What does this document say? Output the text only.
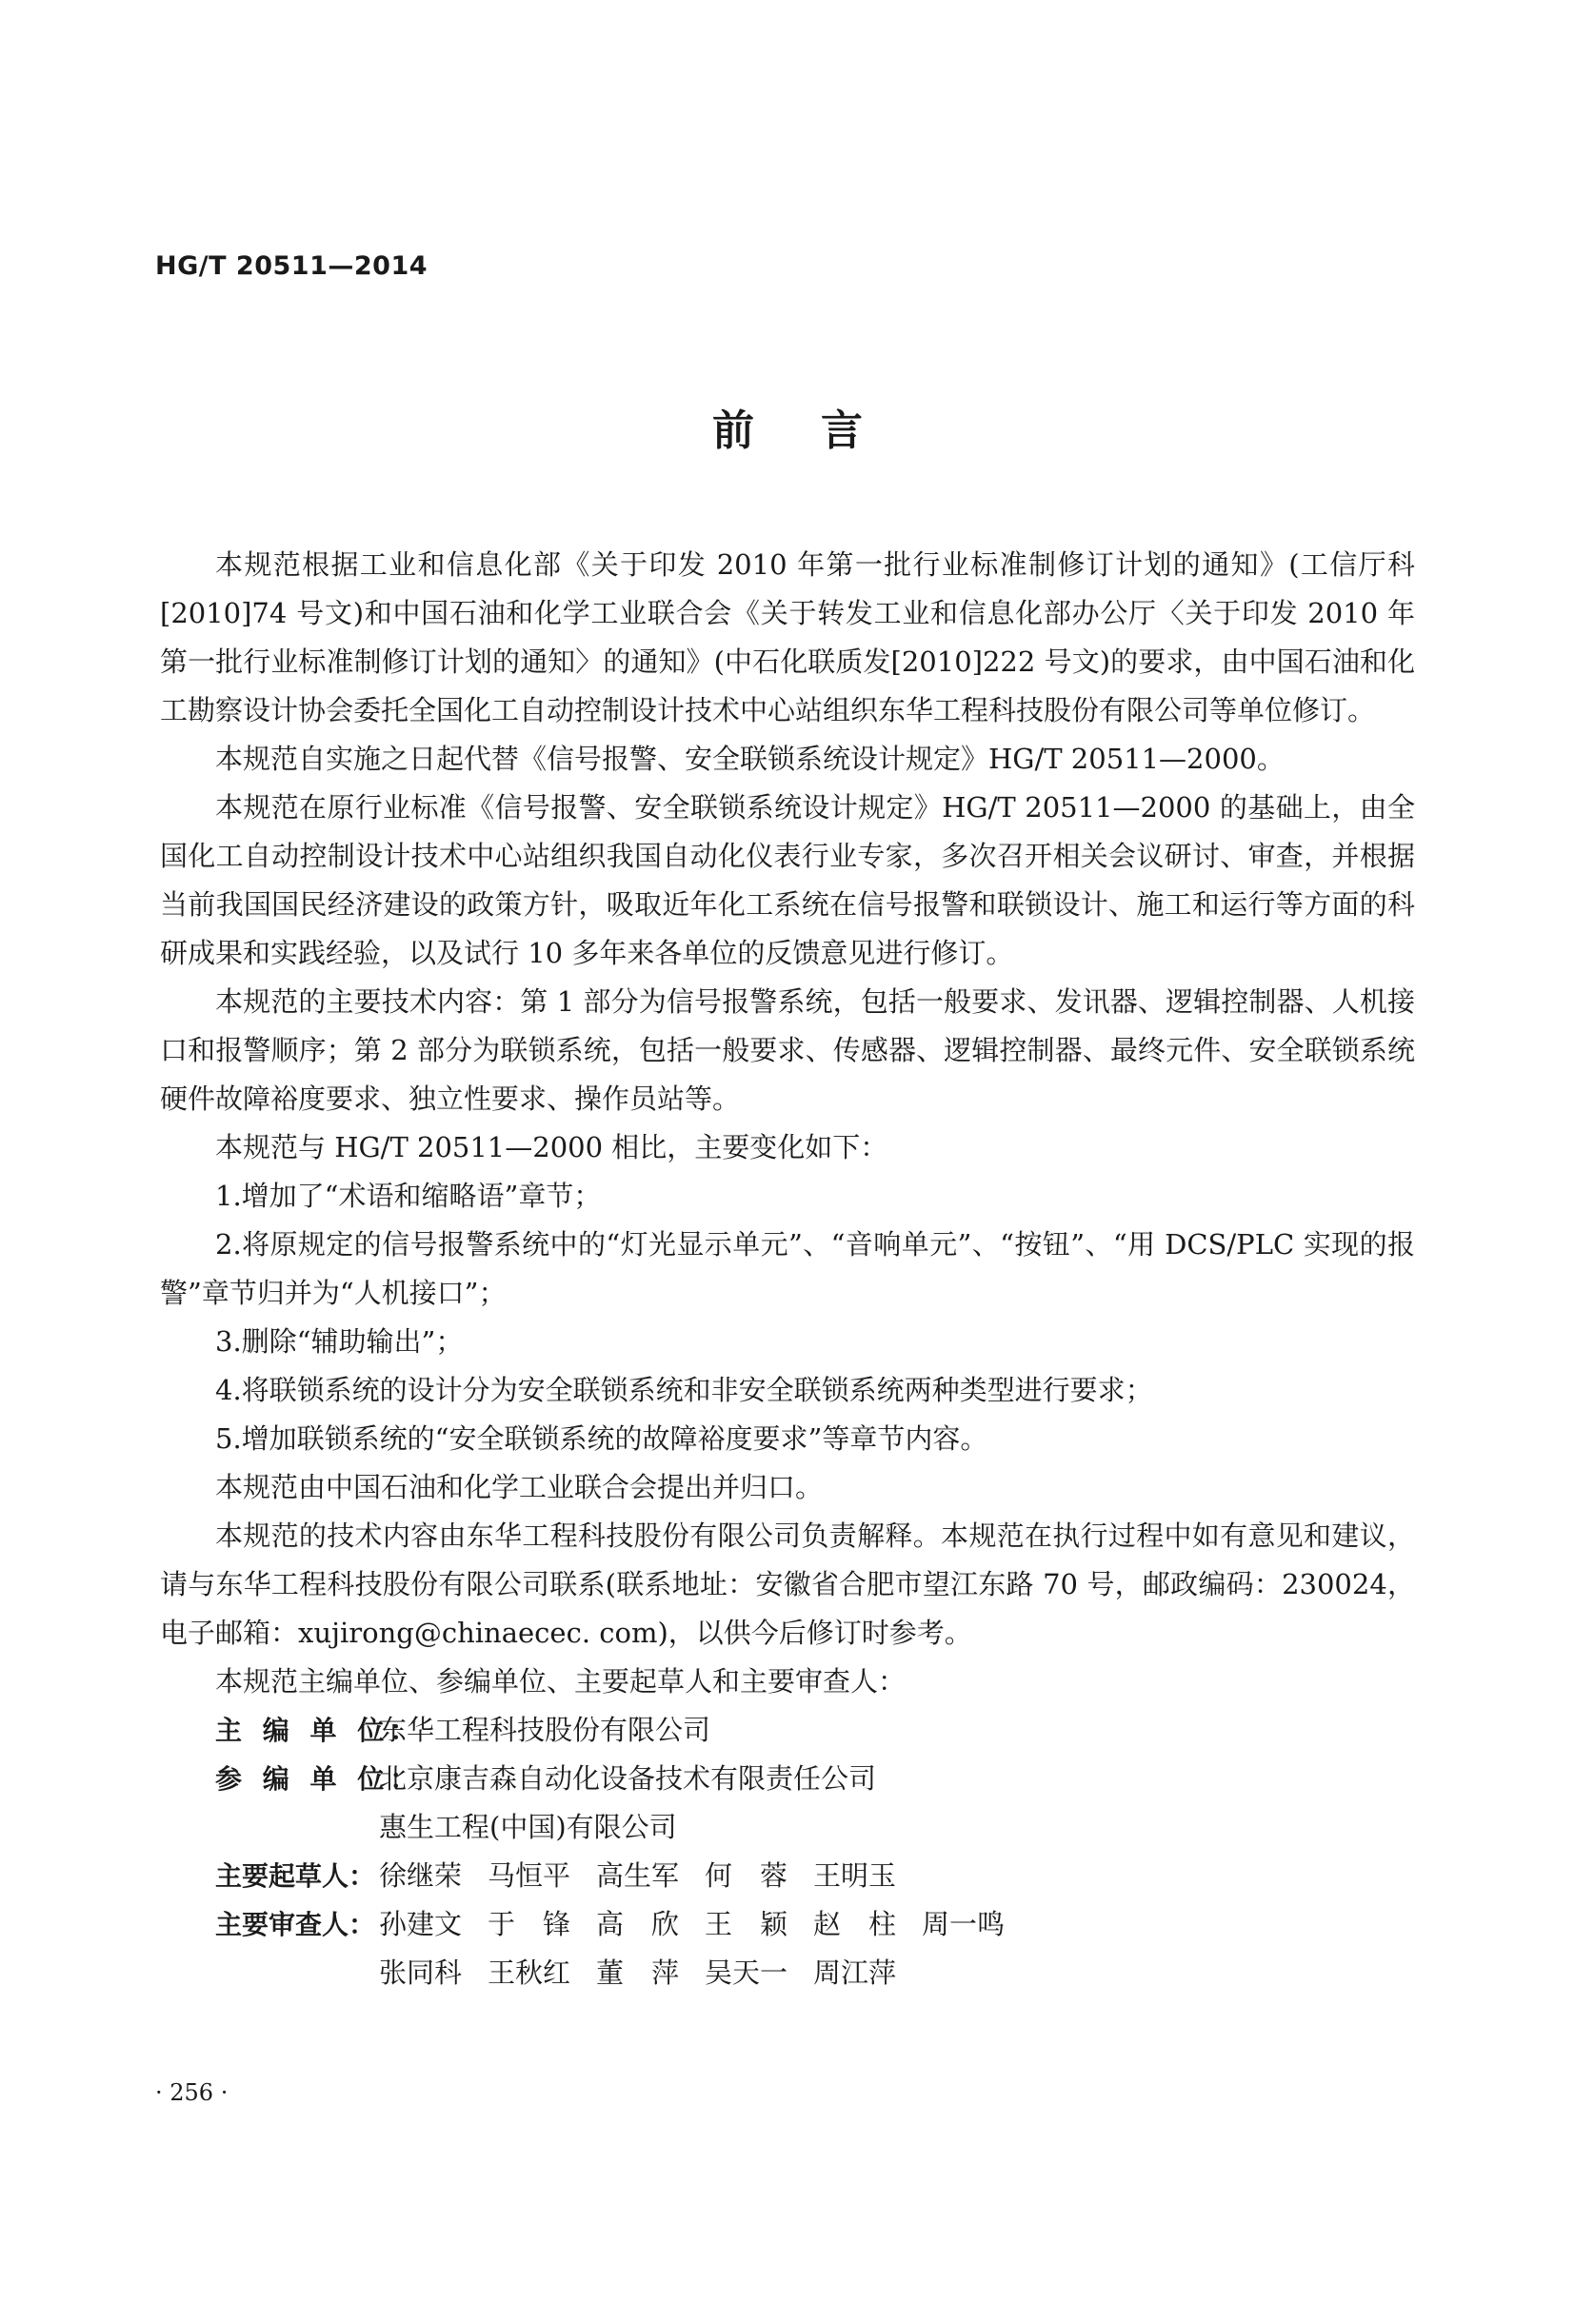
HG/T 20511—2014
前言

本规范根据工业和信息化部《关于印发 2010 年第一批行业标准制修订计划的通知》(工信厅科[2010]74 号文)和中国石油和化学工业联合会《关于转发工业和信息化部办公厅〈关于印发 2010 年第一批行业标准制修订计划的通知〉的通知》(中石化联质发[2010]222 号文)的要求，由中国石油和化工勘察设计协会委托全国化工自动控制设计技术中心站组织东华工程科技股份有限公司等单位修订。

本规范自实施之日起代替《信号报警、安全联锁系统设计规定》HG/T 20511—2000。

本规范在原行业标准《信号报警、安全联锁系统设计规定》HG/T 20511—2000 的基础上，由全国化工自动控制设计技术中心站组织我国自动化仪表行业专家，多次召开相关会议研讨、审查，并根据当前我国国民经济建设的政策方针，吸取近年化工系统在信号报警和联锁设计、施工和运行等方面的科研成果和实践经验，以及试行 10 多年来各单位的反馈意见进行修订。

本规范的主要技术内容：第 1 部分为信号报警系统，包括一般要求、发讯器、逻辑控制器、人机接口和报警顺序；第 2 部分为联锁系统，包括一般要求、传感器、逻辑控制器、最终元件、安全联锁系统硬件故障裕度要求、独立性要求、操作员站等。

本规范与 HG/T 20511—2000 相比，主要变化如下：

1.增加了“术语和缩略语”章节；

2.将原规定的信号报警系统中的“灯光显示单元”、“音响单元”、“按钮”、“用 DCS/PLC 实现的报警”章节归并为“人机接口”；

3.删除“辅助输出”；

4.将联锁系统的设计分为安全联锁系统和非安全联锁系统两种类型进行要求；

5.增加联锁系统的“安全联锁系统的故障裕度要求”等章节内容。

本规范由中国石油和化学工业联合会提出并归口。

本规范的技术内容由东华工程科技股份有限公司负责解释。本规范在执行过程中如有意见和建议，请与东华工程科技股份有限公司联系(联系地址：安徽省合肥市望江东路 70 号，邮政编码：230024，电子邮箱：xujirong@chinaecec. com)，以供今后修订时参考。

本规范主编单位、参编单位、主要起草人和主要审查人：

主 编 单 位：
东华工程科技股份有限公司
参 编 单 位：
北京康吉森自动化设备技术有限责任公司
惠生工程(中国)有限公司
主要起草人： 徐继荣 马恒平 高生军 何　蓉 王明玉
主要审查人： 孙建文 于　锋 高　欣 王　颖 赵　柱 周一鸣
张同科 王秋红 董　萍 吴天一 周江萍
· 256 ·
